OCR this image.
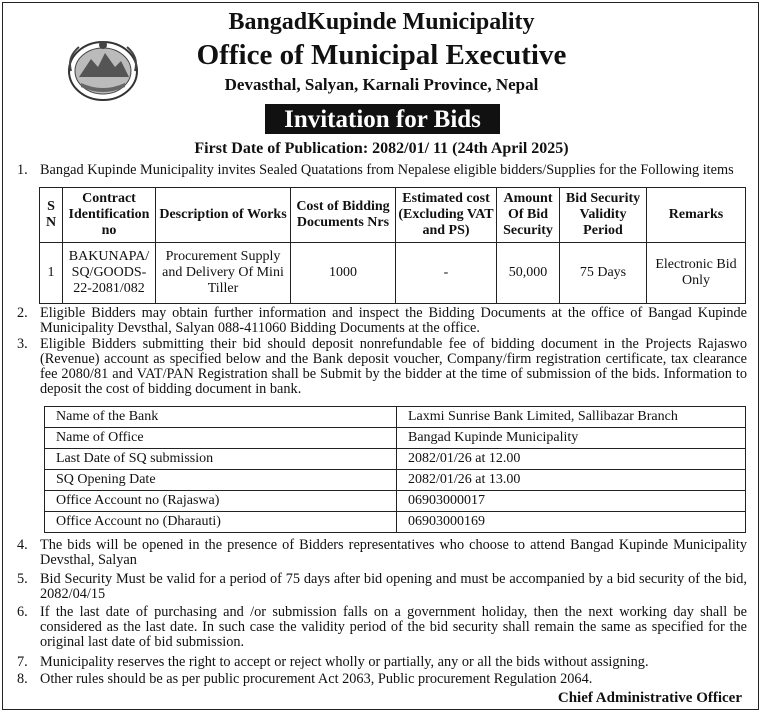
BangadKupinde Municipality
Office of Municipal Executive
Devasthal, Salyan, Karnali Province, Nepal
Invitation for Bids
First Date of Publication: 2082/01/ 11 (24th April 2025)
1. Bangad Kupinde Municipality invites Sealed Quatations from Nepalese eligible bidders/Supplies for the Following items
S N	Contract Identification no	Description of Works	Cost of Bidding Documents Nrs	Estimated cost (Excluding VAT and PS)	Amount Of Bid Security	Bid Security Validity Period	Remarks
1	BAKUNAPA/ SQ/GOODS-22-2081/082	Procurement Supply and Delivery Of Mini Tiller	1000	-	50,000	75 Days	Electronic Bid Only
2. Eligible Bidders may obtain further information and inspect the Bidding Documents at the office of Bangad Kupinde Municipality Devsthal, Salyan 088-411060 Bidding Documents at the office.
3. Eligible Bidders submitting their bid should deposit nonrefundable fee of bidding document in the Projects Rajaswo (Revenue) account as specified below and the Bank deposit voucher, Company/firm registration certificate, tax clearance fee 2080/81 and VAT/PAN Registration shall be Submit by the bidder at the time of submission of the bids. Information to deposit the cost of bidding document in bank.
Name of the Bank	Laxmi Sunrise Bank Limited, Sallibazar Branch
Name of Office	Bangad Kupinde Municipality
Last Date of SQ submission	2082/01/26 at 12.00
SQ Opening Date	2082/01/26 at 13.00
Office Account no (Rajaswa)	06903000017
Office Account no (Dharauti)	06903000169
4. The bids will be opened in the presence of Bidders representatives who choose to attend Bangad Kupinde Municipality Devsthal, Salyan
5. Bid Security Must be valid for a period of 75 days after bid opening and must be accompanied by a bid security of the bid, 2082/04/15
6. If the last date of purchasing and /or submission falls on a government holiday, then the next working day shall be considered as the last date. In such case the validity period of the bid security shall remain the same as specified for the original last date of bid submission.
7. Municipality reserves the right to accept or reject wholly or partially, any or all the bids without assigning.
8. Other rules should be as per public procurement Act 2063, Public procurement Regulation 2064.
Chief Administrative Officer
